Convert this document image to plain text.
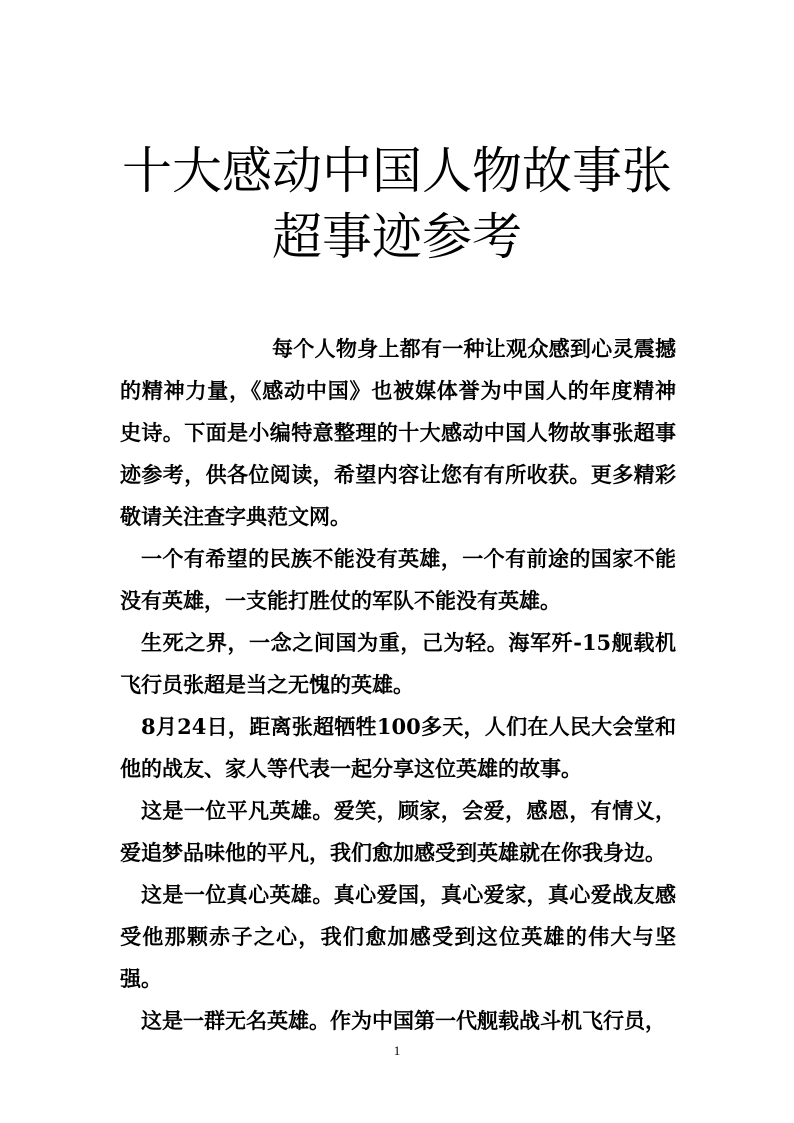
十大感动中国人物故事张
超事迹参考

每个人物身上都有一种让观众感到心灵震撼的精神力量，《感动中国》也被媒体誉为中国人的年度精神史诗。下面是小编特意整理的十大感动中国人物故事张超事迹参考，供各位阅读，希望内容让您有有所收获。更多精彩敬请关注查字典范文网。

一个有希望的民族不能没有英雄，一个有前途的国家不能没有英雄，一支能打胜仗的军队不能没有英雄。

生死之界，一念之间国为重，己为轻。海军歼-15舰载机飞行员张超是当之无愧的英雄。

8月24日，距离张超牺牲100多天，人们在人民大会堂和他的战友、家人等代表一起分享这位英雄的故事。

这是一位平凡英雄。爱笑，顾家，会爱，感恩，有情义，爱追梦品味他的平凡，我们愈加感受到英雄就在你我身边。

这是一位真心英雄。真心爱国，真心爱家，真心爱战友感受他那颗赤子之心，我们愈加感受到这位英雄的伟大与坚强。

这是一群无名英雄。作为中国第一代舰载战斗机飞行员，

1
